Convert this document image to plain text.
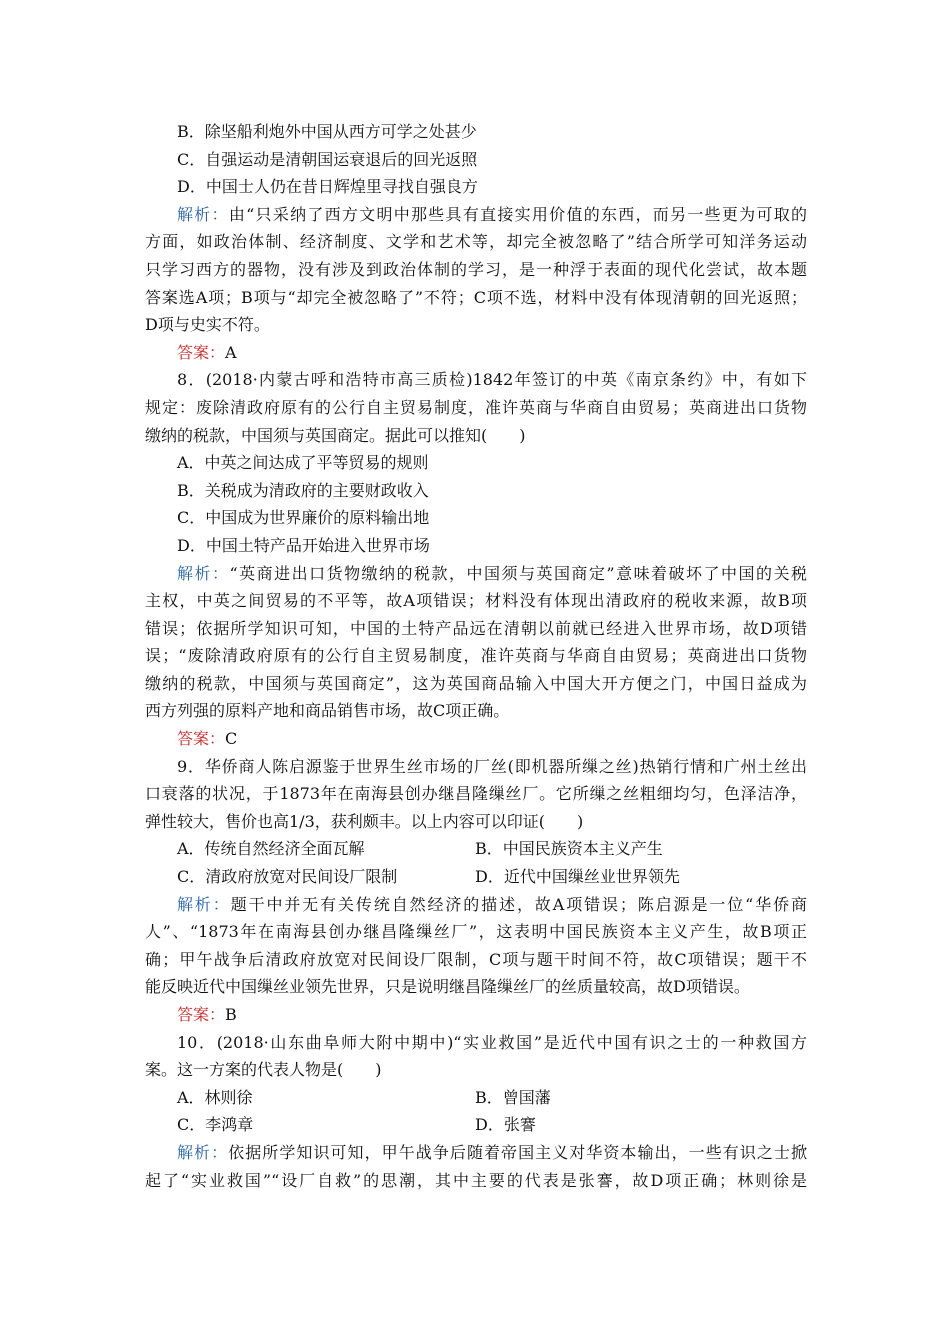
B．除坚船利炮外中国从西方可学之处甚少
C．自强运动是清朝国运衰退后的回光返照
D．中国士人仍在昔日辉煌里寻找自强良方
解析：由“只采纳了西方文明中那些具有直接实用价值的东西，而另一些更为可取的
方面，如政治体制、经济制度、文学和艺术等，却完全被忽略了”结合所学可知洋务运动
只学习西方的器物，没有涉及到政治体制的学习，是一种浮于表面的现代化尝试，故本题
答案选A项；B项与“却完全被忽略了”不符；C项不选，材料中没有体现清朝的回光返照；
D项与史实不符。
答案：A
8．(2018·内蒙古呼和浩特市高三质检)1842年签订的中英《南京条约》中，有如下
规定：废除清政府原有的公行自主贸易制度，准许英商与华商自由贸易；英商进出口货物
缴纳的税款，中国须与英国商定。据此可以推知(　　)
A．中英之间达成了平等贸易的规则
B．关税成为清政府的主要财政收入
C．中国成为世界廉价的原料输出地
D．中国土特产品开始进入世界市场
解析：“英商进出口货物缴纳的税款，中国须与英国商定”意味着破坏了中国的关税
主权，中英之间贸易的不平等，故A项错误；材料没有体现出清政府的税收来源，故B项
错误；依据所学知识可知，中国的土特产品远在清朝以前就已经进入世界市场，故D项错
误；“废除清政府原有的公行自主贸易制度，准许英商与华商自由贸易；英商进出口货物
缴纳的税款，中国须与英国商定”，这为英国商品输入中国大开方便之门，中国日益成为
西方列强的原料产地和商品销售市场，故C项正确。
答案：C
9．华侨商人陈启源鉴于世界生丝市场的厂丝(即机器所缫之丝)热销行情和广州土丝出
口衰落的状况，于1873年在南海县创办继昌隆缫丝厂。它所缫之丝粗细均匀，色泽洁净，
弹性较大，售价也高1/3，获利颇丰。以上内容可以印证(　　)
A．传统自然经济全面瓦解	B．中国民族资本主义产生
C．清政府放宽对民间设厂限制	D．近代中国缫丝业世界领先
解析：题干中并无有关传统自然经济的描述，故A项错误；陈启源是一位“华侨商
人”、“1873年在南海县创办继昌隆缫丝厂”，这表明中国民族资本主义产生，故B项正
确；甲午战争后清政府放宽对民间设厂限制，C项与题干时间不符，故C项错误；题干不
能反映近代中国缫丝业领先世界，只是说明继昌隆缫丝厂的丝质量较高，故D项错误。
答案：B
10．(2018·山东曲阜师大附中期中)“实业救国”是近代中国有识之士的一种救国方
案。这一方案的代表人物是(　　)
A．林则徐	B．曾国藩
C．李鸿章	D．张謇
解析：依据所学知识可知，甲午战争后随着帝国主义对华资本输出，一些有识之士掀
起了“实业救国”“设厂自救”的思潮，其中主要的代表是张謇，故D项正确；林则徐是
